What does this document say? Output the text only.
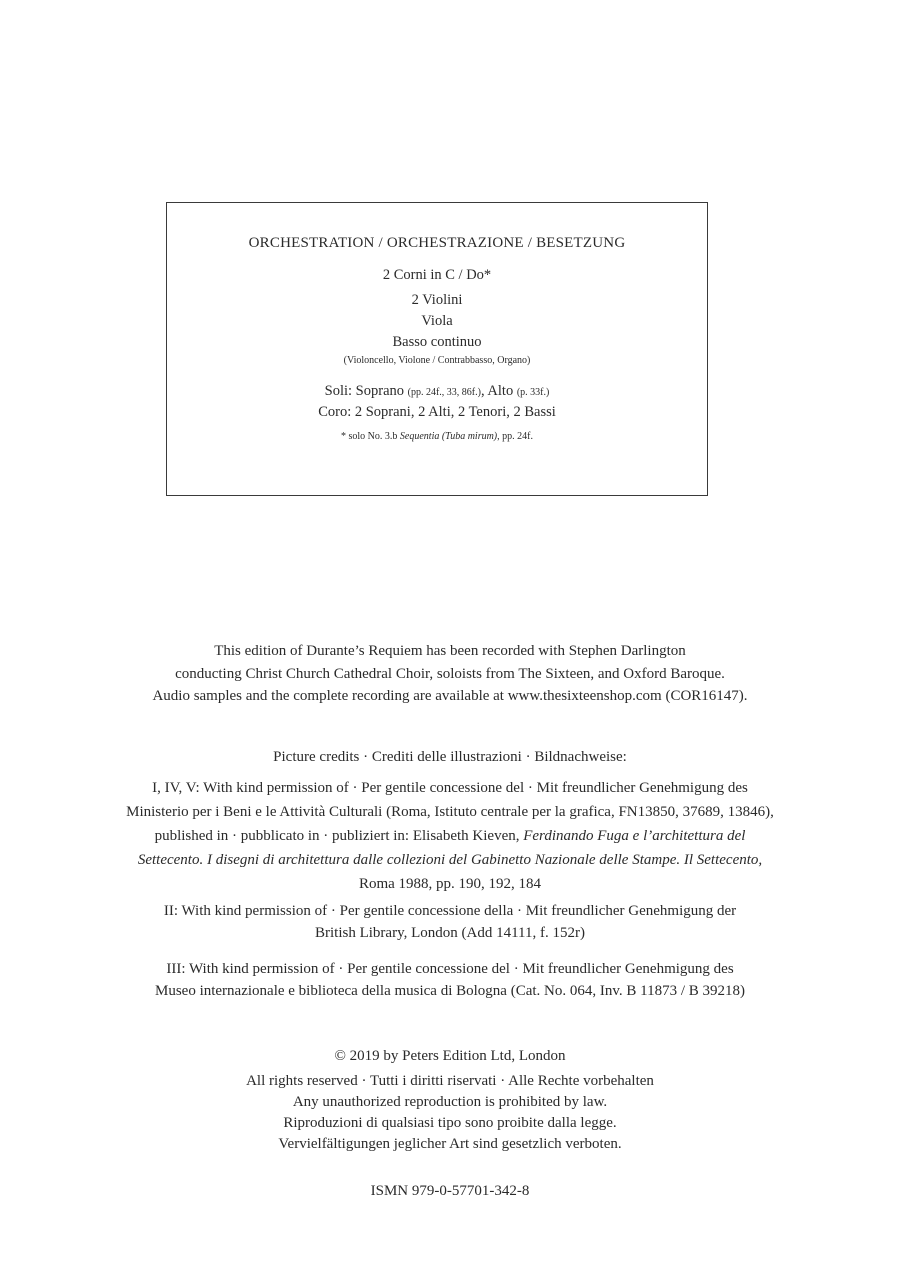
ORCHESTRATION / ORCHESTRAZIONE / BESETZUNG
2 Corni in C / Do*
2 Violini
Viola
Basso continuo
(Violoncello, Violone / Contrabbasso, Organo)
Soli: Soprano (pp. 24f., 33, 86f.), Alto (p. 33f.)
Coro: 2 Soprani, 2 Alti, 2 Tenori, 2 Bassi
* solo No. 3.b Sequentia (Tuba mirum), pp. 24f.
This edition of Durante’s Requiem has been recorded with Stephen Darlington
conducting Christ Church Cathedral Choir, soloists from The Sixteen, and Oxford Baroque.
Audio samples and the complete recording are available at www.thesixteenshop.com (COR16147).
Picture credits · Crediti delle illustrazioni · Bildnachweise:
I, IV, V: With kind permission of · Per gentile concessione del · Mit freundlicher Genehmigung des
Ministerio per i Beni e le Attività Culturali (Roma, Istituto centrale per la grafica, FN13850, 37689, 13846),
published in · pubblicato in · publiziert in: Elisabeth Kieven, Ferdinando Fuga e l’architettura del
Settecento. I disegni di architettura dalle collezioni del Gabinetto Nazionale delle Stampe. Il Settecento,
Roma 1988, pp. 190, 192, 184
II: With kind permission of · Per gentile concessione della · Mit freundlicher Genehmigung der
British Library, London (Add 14111, f. 152r)
III: With kind permission of · Per gentile concessione del · Mit freundlicher Genehmigung des
Museo internazionale e biblioteca della musica di Bologna (Cat. No. 064, Inv. B 11873 / B 39218)
© 2019 by Peters Edition Ltd, London
All rights reserved · Tutti i diritti riservati · Alle Rechte vorbehalten
Any unauthorized reproduction is prohibited by law.
Riproduzioni di qualsiasi tipo sono proibite dalla legge.
Vervielfältigungen jeglicher Art sind gesetzlich verboten.
ISMN 979-0-57701-342-8
